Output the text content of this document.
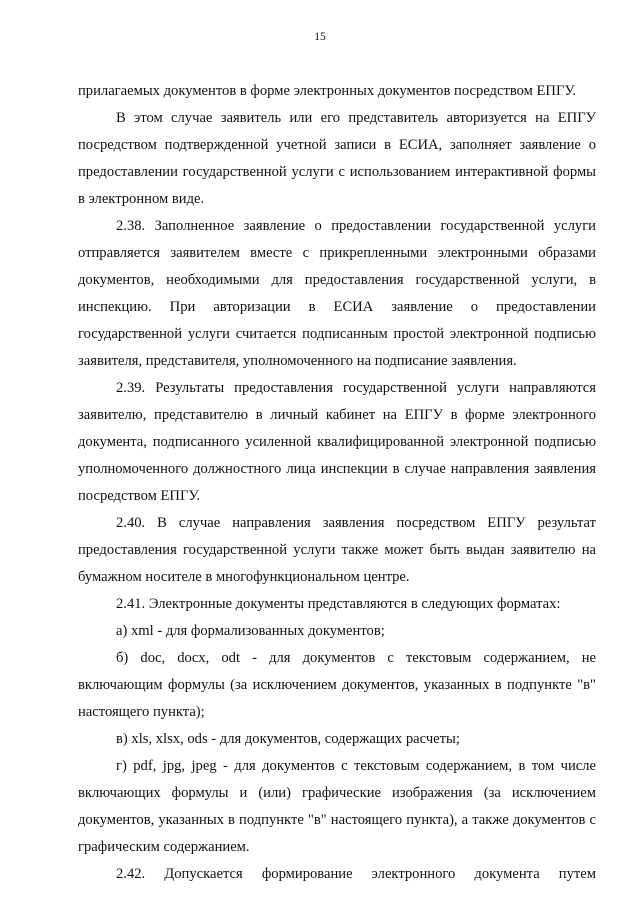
15

прилагаемых документов в форме электронных документов посредством ЕПГУ.

В этом случае заявитель или его представитель авторизуется на ЕПГУ посредством подтвержденной учетной записи в ЕСИА, заполняет заявление о предоставлении государственной услуги с использованием интерактивной формы в электронном виде.

2.38. Заполненное заявление о предоставлении государственной услуги отправляется заявителем вместе с прикрепленными электронными образами документов, необходимыми для предоставления государственной услуги, в инспекцию. При авторизации в ЕСИА заявление о предоставлении государственной услуги считается подписанным простой электронной подписью заявителя, представителя, уполномоченного на подписание заявления.

2.39. Результаты предоставления государственной услуги направляются заявителю, представителю в личный кабинет на ЕПГУ в форме электронного документа, подписанного усиленной квалифицированной электронной подписью уполномоченного должностного лица инспекции в случае направления заявления посредством ЕПГУ.

2.40. В случае направления заявления посредством ЕПГУ результат предоставления государственной услуги также может быть выдан заявителю на бумажном носителе в многофункциональном центре.

2.41. Электронные документы представляются в следующих форматах:

а) xml - для формализованных документов;

б) doc, docx, odt - для документов с текстовым содержанием, не включающим формулы (за исключением документов, указанных в подпункте "в" настоящего пункта);

в) xls, xlsx, ods - для документов, содержащих расчеты;

г) pdf, jpg, jpeg - для документов с текстовым содержанием, в том числе включающих формулы и (или) графические изображения (за исключением документов, указанных в подпункте "в" настоящего пункта), а также документов с графическим содержанием.

2.42. Допускается формирование электронного документа путем
